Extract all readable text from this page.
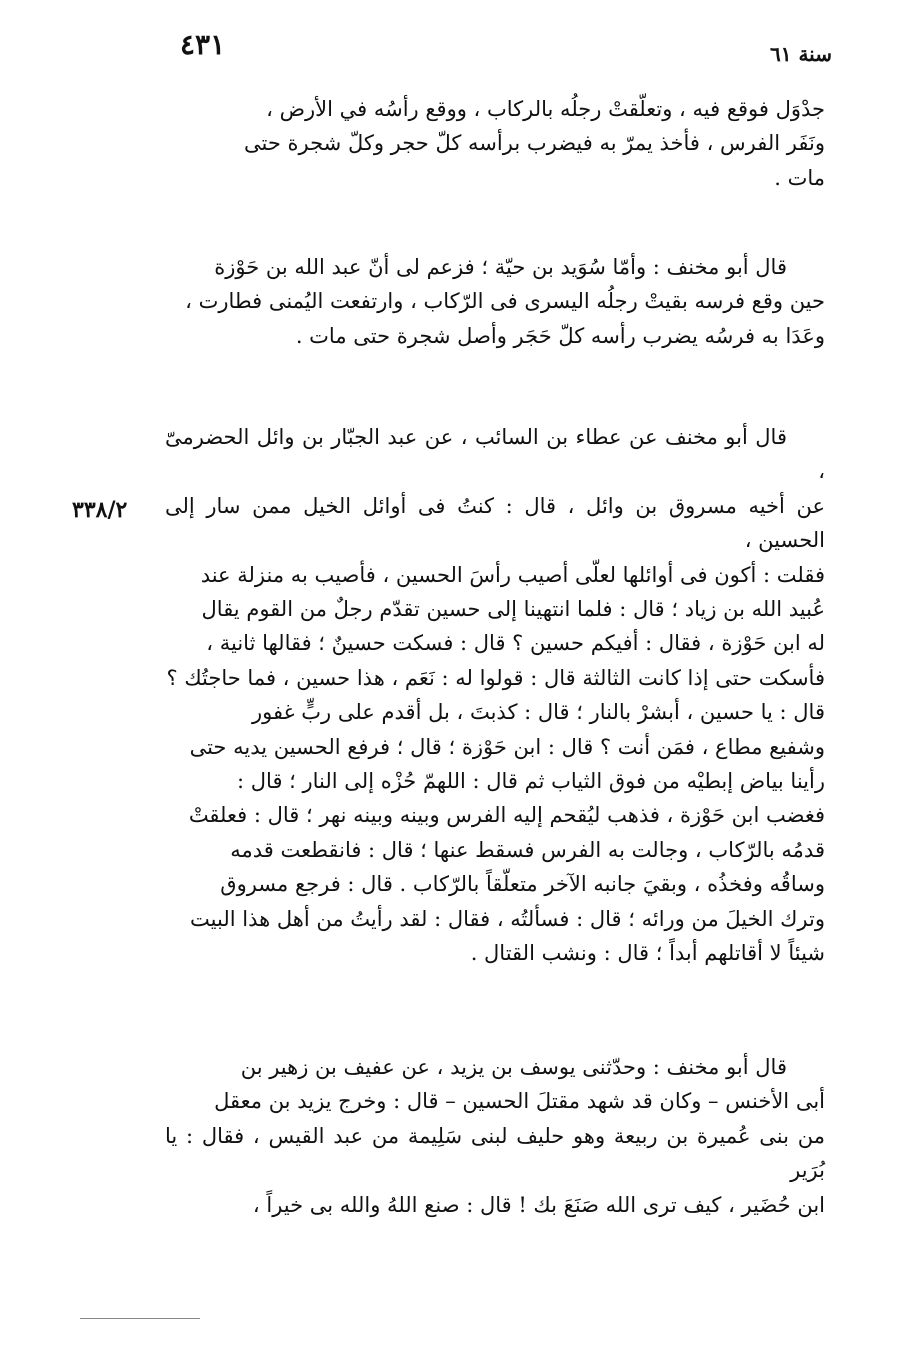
٤٣١	سنة ٦١
٣٣٨/٢

جدْوَل فوقع فيه ، وتعلّقتْ رجلُه بالركاب ، ووقع رأسُه في الأرض ،

ونَفَر الفرس ، فأخذ يمرّ به فيضرب برأسه كلّ حجر وكلّ شجرة حتى

مات .

قال أبو مخنف : وأمّا سُوَيد بن حيّة ؛ فزعم لى أنّ عبد الله بن حَوْزة

حين وقع فرسه بقيتْ رجلُه اليسرى فى الرّكاب ، وارتفعت اليُمنى فطارت ،

وعَدَا به فرسُه يضرب رأسه كلّ حَجَر وأصل شجرة حتى مات .

قال أبو مخنف عن عطاء بن السائب ، عن عبد الجبّار بن وائل الحضرمىّ ،

عن أخيه مسروق بن وائل ، قال : كنتُ فى أوائل الخيل ممن سار إلى الحسين ،

فقلت : أكون فى أوائلها لعلّى أصيب رأسَ الحسين ، فأصيب به منزلة عند

عُبيد الله بن زياد ؛ قال : فلما انتهينا إلى حسين تقدّم رجلٌ من القوم يقال

له ابن حَوْزة ، فقال : أفيكم حسين ؟ قال : فسكت حسينٌ ؛ فقالها ثانية ،

فأسكت حتى إذا كانت الثالثة قال : قولوا له : نَعَم ، هذا حسين ، فما حاجتُك ؟

قال : يا حسين ، أبشرْ بالنار ؛ قال : كذبتَ ، بل أقدم على ربٍّ غفور

وشفيع مطاع ، فمَن أنت ؟ قال : ابن حَوْزة ؛ قال ؛ فرفع الحسين يديه حتى

رأينا بياض إبطيْه من فوق الثياب ثم قال : اللهمّ حُزْه إلى النار ؛ قال :

فغضب ابن حَوْزة ، فذهب ليُقحم إليه الفرس وبينه وبينه نهر ؛ قال : فعلقتْ

قدمُه بالرّكاب ، وجالت به الفرس فسقط عنها ؛ قال : فانقطعت قدمه

وساقُه وفخذُه ، وبقيَ جانبه الآخر متعلّقاً بالرّكاب . قال : فرجع مسروق

وترك الخيلَ من ورائه ؛ قال : فسألتُه ، فقال : لقد رأيتُ من أهل هذا البيت

شيئاً لا أقاتلهم أبداً ؛ قال : ونشب القتال .

قال أبو مخنف : وحدّثنى يوسف بن يزيد ، عن عفيف بن زهير بن

أبى الأخنس – وكان قد شهد مقتلَ الحسين – قال : وخرج يزيد بن معقل

من بنى عُميرة بن ربيعة وهو حليف لبنى سَلِيمة من عبد القيس ، فقال : يا بُرَير

ابن حُضَير ، كيف ترى الله صَنَعَ بك ! قال : صنع اللهُ والله بى خيراً ،
